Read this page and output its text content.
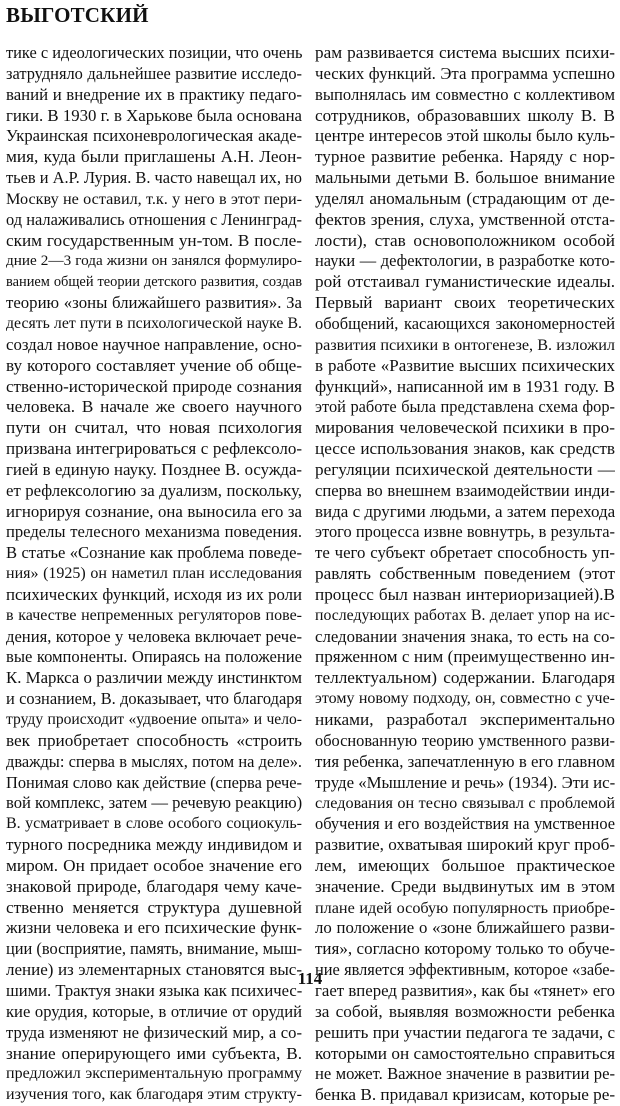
ВЫГОТСКИЙ
тике с идеологических позиции, что очень
затрудняло дальнейшее развитие исследо-
ваний и внедрение их в практику педаго-
гики. В 1930 г. в Харькове была основана
Украинская психоневрологическая акаде-
мия, куда были приглашены А.Н. Леон-
тьев и А.Р. Лурия. В. часто навещал их, но
Москву не оставил, т.к. у него в этот пери-
од налаживались отношения с Ленинград-
ским государственным ун-том. В после-
дние 2—3 года жизни он занялся формулиро-
ванием общей теории детского развития, создав
теорию «зоны ближайшего развития». За
десять лет пути в психологической науке В.
создал новое научное направление, осно-
ву которого составляет учение об обще-
ственно-исторической природе сознания
человека. В начале же своего научного
пути он считал, что новая психология
призвана интегрироваться с рефлексоло-
гией в единую науку. Позднее В. осужда-
ет рефлексологию за дуализм, поскольку,
игнорируя сознание, она выносила его за
пределы телесного механизма поведения.
В статье «Сознание как проблема поведе-
ния» (1925) он наметил план исследования
психических функций, исходя из их роли
в качестве непременных регуляторов пове-
дения, которое у человека включает рече-
вые компоненты. Опираясь на положение
К. Маркса о различии между инстинктом
и сознанием, В. доказывает, что благодаря
труду происходит «удвоение опыта» и чело-
век приобретает способность «строить
дважды: сперва в мыслях, потом на деле».
Понимая слово как действие (сперва рече-
вой комплекс, затем — речевую реакцию)
В. усматривает в слове особого социокуль-
турного посредника между индивидом и
миром. Он придает особое значение его
знаковой природе, благодаря чему каче-
ственно меняется структура душевной
жизни человека и его психические функ-
ции (восприятие, память, внимание, мыш-
ление) из элементарных становятся выс-
шими. Трактуя знаки языка как психичес-
кие орудия, которые, в отличие от орудий
труда изменяют не физический мир, а со-
знание оперирующего ими субъекта, В.
предложил экспериментальную программу
изучения того, как благодаря этим структу-
рам развивается система высших психи-
ческих функций. Эта программа успешно
выполнялась им совместно с коллективом
сотрудников, образовавших школу В. В
центре интересов этой школы было куль-
турное развитие ребенка. Наряду с нор-
мальными детьми В. большое внимание
уделял аномальным (страдающим от де-
фектов зрения, слуха, умственной отста-
лости), став основоположником особой
науки — дефектологии, в разработке кото-
рой отстаивал гуманистические идеалы.
Первый вариант своих теоретических
обобщений, касающихся закономерностей
развития психики в онтогенезе, В. изложил
в работе «Развитие высших психических
функций», написанной им в 1931 году. В
этой работе была представлена схема фор-
мирования человеческой психики в про-
цессе использования знаков, как средств
регуляции психической деятельности —
сперва во внешнем взаимодействии инди-
вида с другими людьми, а затем перехода
этого процесса извне вовнутрь, в результа-
те чего субъект обретает способность уп-
равлять собственным поведением (этот
процесс был назван интериоризацией).В
последующих работах В. делает упор на ис-
следовании значения знака, то есть на со-
пряженном с ним (преимущественно ин-
теллектуальном) содержании. Благодаря
этому новому подходу, он, совместно с уче-
никами, разработал экспериментально
обоснованную теорию умственного разви-
тия ребенка, запечатленную в его главном
труде «Мышление и речь» (1934). Эти ис-
следования он тесно связывал с проблемой
обучения и его воздействия на умственное
развитие, охватывая широкий круг проб-
лем, имеющих большое практическое
значение. Среди выдвинутых им в этом
плане идей особую популярность приобре-
ло положение о «зоне ближайшего разви-
тия», согласно которому только то обуче-
ние является эффективным, которое «забе-
гает вперед развития», как бы «тянет» его
за собой, выявляя возможности ребенка
решить при участии педагога те задачи, с
которыми он самостоятельно справиться
не может. Важное значение в развитии ре-
бенка В. придавал кризисам, которые ре-
114
